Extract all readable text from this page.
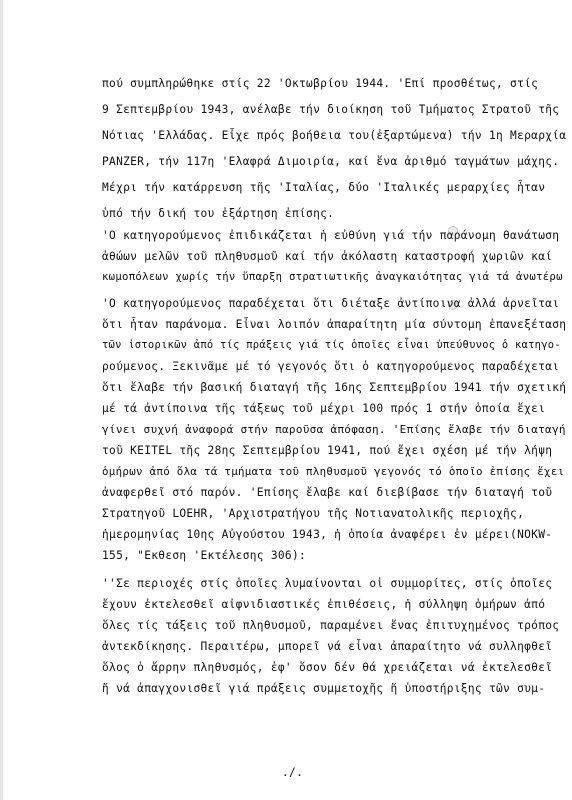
πού συμπληρώθηκε στίς 22 'Οκτωβρίου 1944. 'Επί προσθέτως, στίς
9 Σεπτεμβρίου 1943, ανέλαβε τήν διοίκηση τοῦ Τμήματος Στρατοῦ τῆς
Νότιας 'Ελλάδας. Εἶχε πρός βοήθεια του(ἐξαρτώμενα) τήν 1η Μεραρχία
PANZER, τήν 117η 'Ελαφρά Διμοιρία, καί ἕνα ἀριθμό ταγμάτων μάχης.
Μέχρι τήν κατάρρευση τῆς 'Ιταλίας, δύο 'Ιταλικές μεραρχίες ἦταν
ὑπό τήν δική του ἐξάρτηση ἐπίσης.
'Ο κατηγορούμενος ἐπιδικάζεται ἡ εὐθύνη γιά τήν παράνομη θανάτωση
ἀθώων μελῶν τοῦ πληθυσμοῦ καί τήν ἀκόλαστη καταστροφή χωριῶν καί
κωμοπόλεων χωρίς τήν ὕπαρξη στρατιωτικῆς ἀναγκαιότητας γιά τά ἀνωτέρω
'Ο κατηγορούμενος παραδέχεται ὅτι διέταξε ἀντίποινα ἀλλά ἀρνεῖται
ὅτι ἦταν παράνομα. Εἶναι λοιπόν ἀπαραίτητη μία σύντομη ἐπανεξέταση
τῶν ἱστορικῶν ἀπό τίς πράξεις γιά τίς ὁποῖες εἶναι ὑπεύθυνος ὁ κατηγο-
ρούμενος. Ξεκινᾶμε μέ τό γεγονός ὅτι ὁ κατηγορούμενος παραδέχεται
ὅτι ἔλαβε τήν βασική διαταγή τῆς 16ης Σεπτεμβρίου 1941 τήν σχετική
μέ τά ἀντίποινα τῆς τάξεως τοῦ μέχρι 100 πρός 1 στήν ὁποία ἔχει
γίνει συχνή ἀναφορά στήν παροῦσα ἀπόφαση. 'Επίσης ἔλαβε τήν διαταγή
τοῦ KEITEL τῆς 28ης Σεπτεμβρίου 1941, πού ἔχει σχέση μέ τήν λήψη
ὁμήρων ἀπό ὅλα τά τμήματα τοῦ πληθυσμοῦ γεγονός τό ὁποῖο ἐπίσης ἔχει
ἀναφερθεῖ στό παρόν. 'Επίσης ἔλαβε καί διεβίβασε τήν διαταγή τοῦ
Στρατηγοῦ LOEHR, 'Αρχιστρατήγου τῆς Νοτιανατολικῆς περιοχῆς,
ἡμερομηνίας 10ης Αὐγούστου 1943, ἡ ὁποία ἀναφέρει ἐν μέρει(NOKW-
155, "Εκθεση 'Εκτέλεσης 306):
''Σε περιοχές στίς ὁποῖες λυμαίνονται οἱ συμμορίτες, στίς ὁποῖες
ἔχουν ἐκτελεσθεῖ αἰφνιδιαστικές ἐπιθέσεις, ἡ σύλληψη ὁμήρων ἀπό
ὅλες τίς τάξεις τοῦ πληθυσμοῦ, παραμένει ἕνας ἐπιτυχημένος τρόπος
ἀντεκδίκησης. Περαιτέρω, μπορεῖ νά εἶναι ἀπαραίτητο νά συλληφθεῖ
ὅλος ὁ ἄρρην πληθυσμός, ἐφ' ὅσον δέν θά χρειάζεται νά ἐκτελεσθεῖ
ἤ νά ἀπαγχονισθεῖ γιά πράξεις συμμετοχῆς ἤ ὑποστήριξης τῶν συμ-
./.
